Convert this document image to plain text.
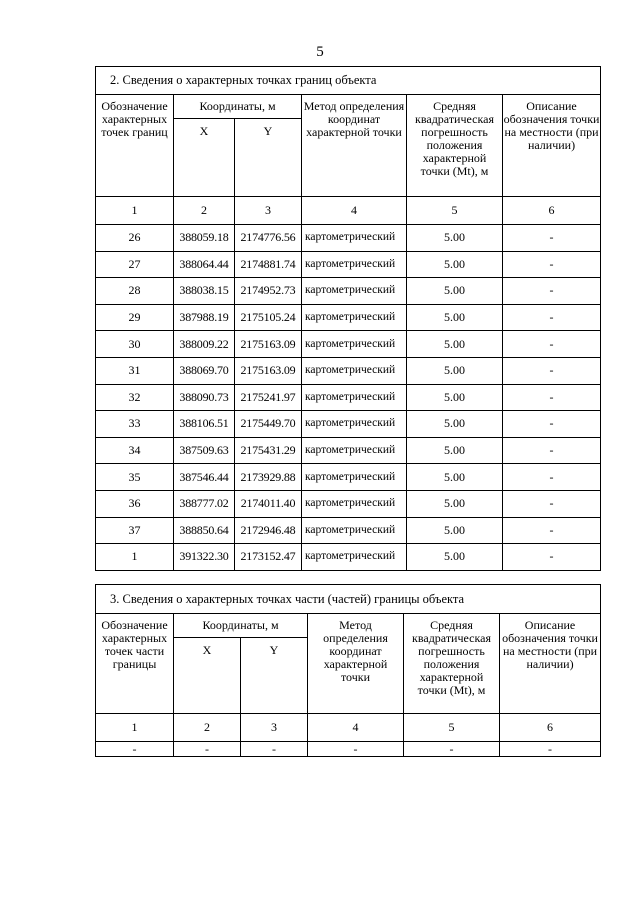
5
2. Сведения о характерных точках границ объекта					
Обозначение характерных точек границ	Координаты, м		Метод определения координат характерной точки	Средняя квадратическая погрешность положения характерной точки (Mt), м	Описание обозначения точки на местности (при наличии)
	X	Y			
1	2	3	4	5	6
26	388059.18	2174776.56	картометрический	5.00	-
27	388064.44	2174881.74	картометрический	5.00	-
28	388038.15	2174952.73	картометрический	5.00	-
29	387988.19	2175105.24	картометрический	5.00	-
30	388009.22	2175163.09	картометрический	5.00	-
31	388069.70	2175163.09	картометрический	5.00	-
32	388090.73	2175241.97	картометрический	5.00	-
33	388106.51	2175449.70	картометрический	5.00	-
34	387509.63	2175431.29	картометрический	5.00	-
35	387546.44	2173929.88	картометрический	5.00	-
36	388777.02	2174011.40	картометрический	5.00	-
37	388850.64	2172946.48	картометрический	5.00	-
1	391322.30	2173152.47	картометрический	5.00	-
3. Сведения о характерных точках части (частей) границы объекта					
Обозначение характерных точек части границы	Координаты, м		Метод определения координат характерной точки	Средняя квадратическая погрешность положения характерной точки (Mt), м	Описание обозначения точки на местности (при наличии)
	X	Y			
1	2	3	4	5	6
-	-	-	-	-	-
